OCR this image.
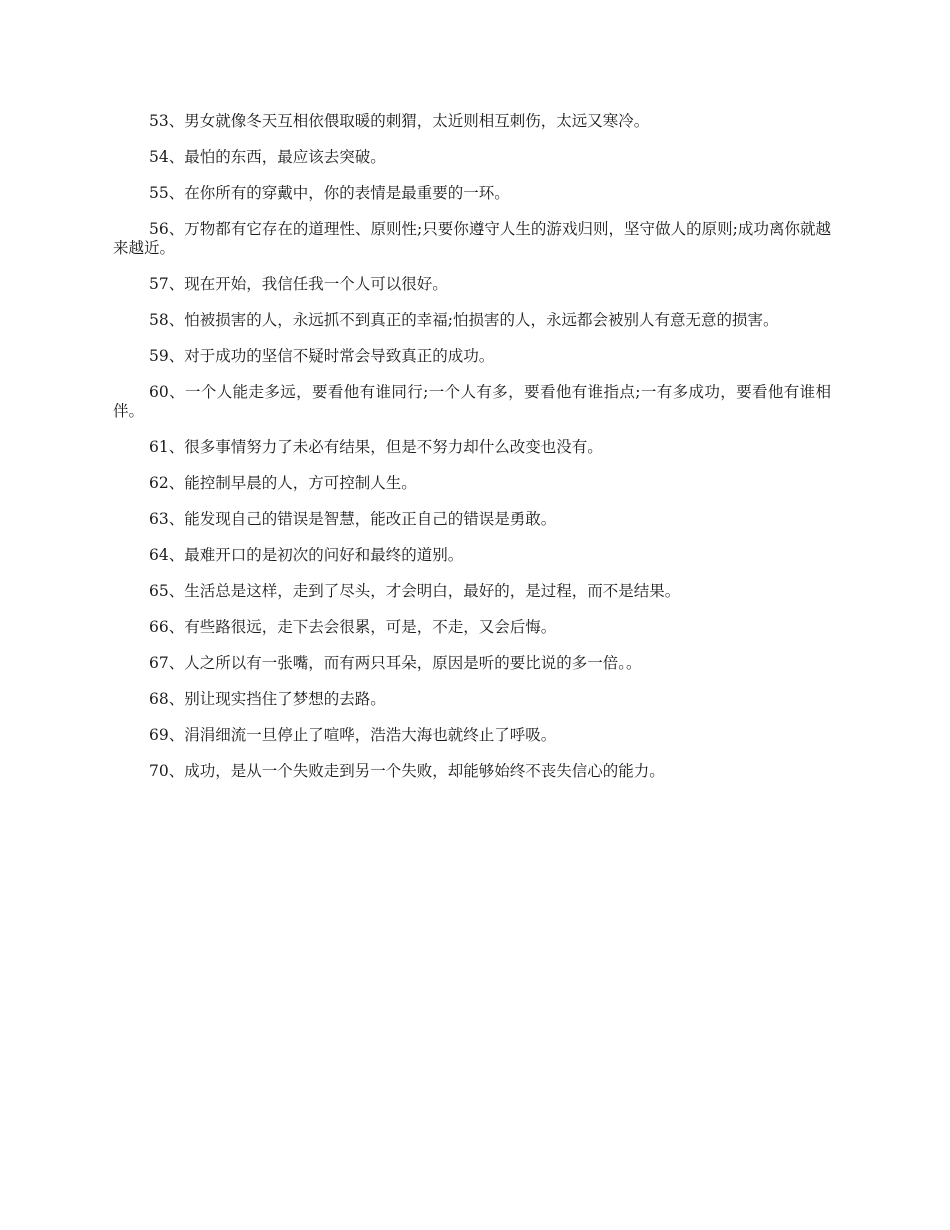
53、男女就像冬天互相依偎取暖的刺猬，太近则相互刺伤，太远又寒冷。

54、最怕的东西，最应该去突破。

55、在你所有的穿戴中，你的表情是最重要的一环。

56、万物都有它存在的道理性、原则性;只要你遵守人生的游戏归则，坚守做人的原则;成功离你就越来越近。

57、现在开始，我信任我一个人可以很好。

58、怕被损害的人，永远抓不到真正的幸福;怕损害的人，永远都会被别人有意无意的损害。

59、对于成功的坚信不疑时常会导致真正的成功。

60、一个人能走多远，要看他有谁同行;一个人有多，要看他有谁指点;一有多成功，要看他有谁相伴。

61、很多事情努力了未必有结果，但是不努力却什么改变也没有。

62、能控制早晨的人，方可控制人生。

63、能发现自己的错误是智慧，能改正自己的错误是勇敢。

64、最难开口的是初次的问好和最终的道别。

65、生活总是这样，走到了尽头，才会明白，最好的，是过程，而不是结果。

66、有些路很远，走下去会很累，可是，不走，又会后悔。

67、人之所以有一张嘴，而有两只耳朵，原因是听的要比说的多一倍。。

68、别让现实挡住了梦想的去路。

69、涓涓细流一旦停止了喧哗，浩浩大海也就终止了呼吸。

70、成功，是从一个失败走到另一个失败，却能够始终不丧失信心的能力。
